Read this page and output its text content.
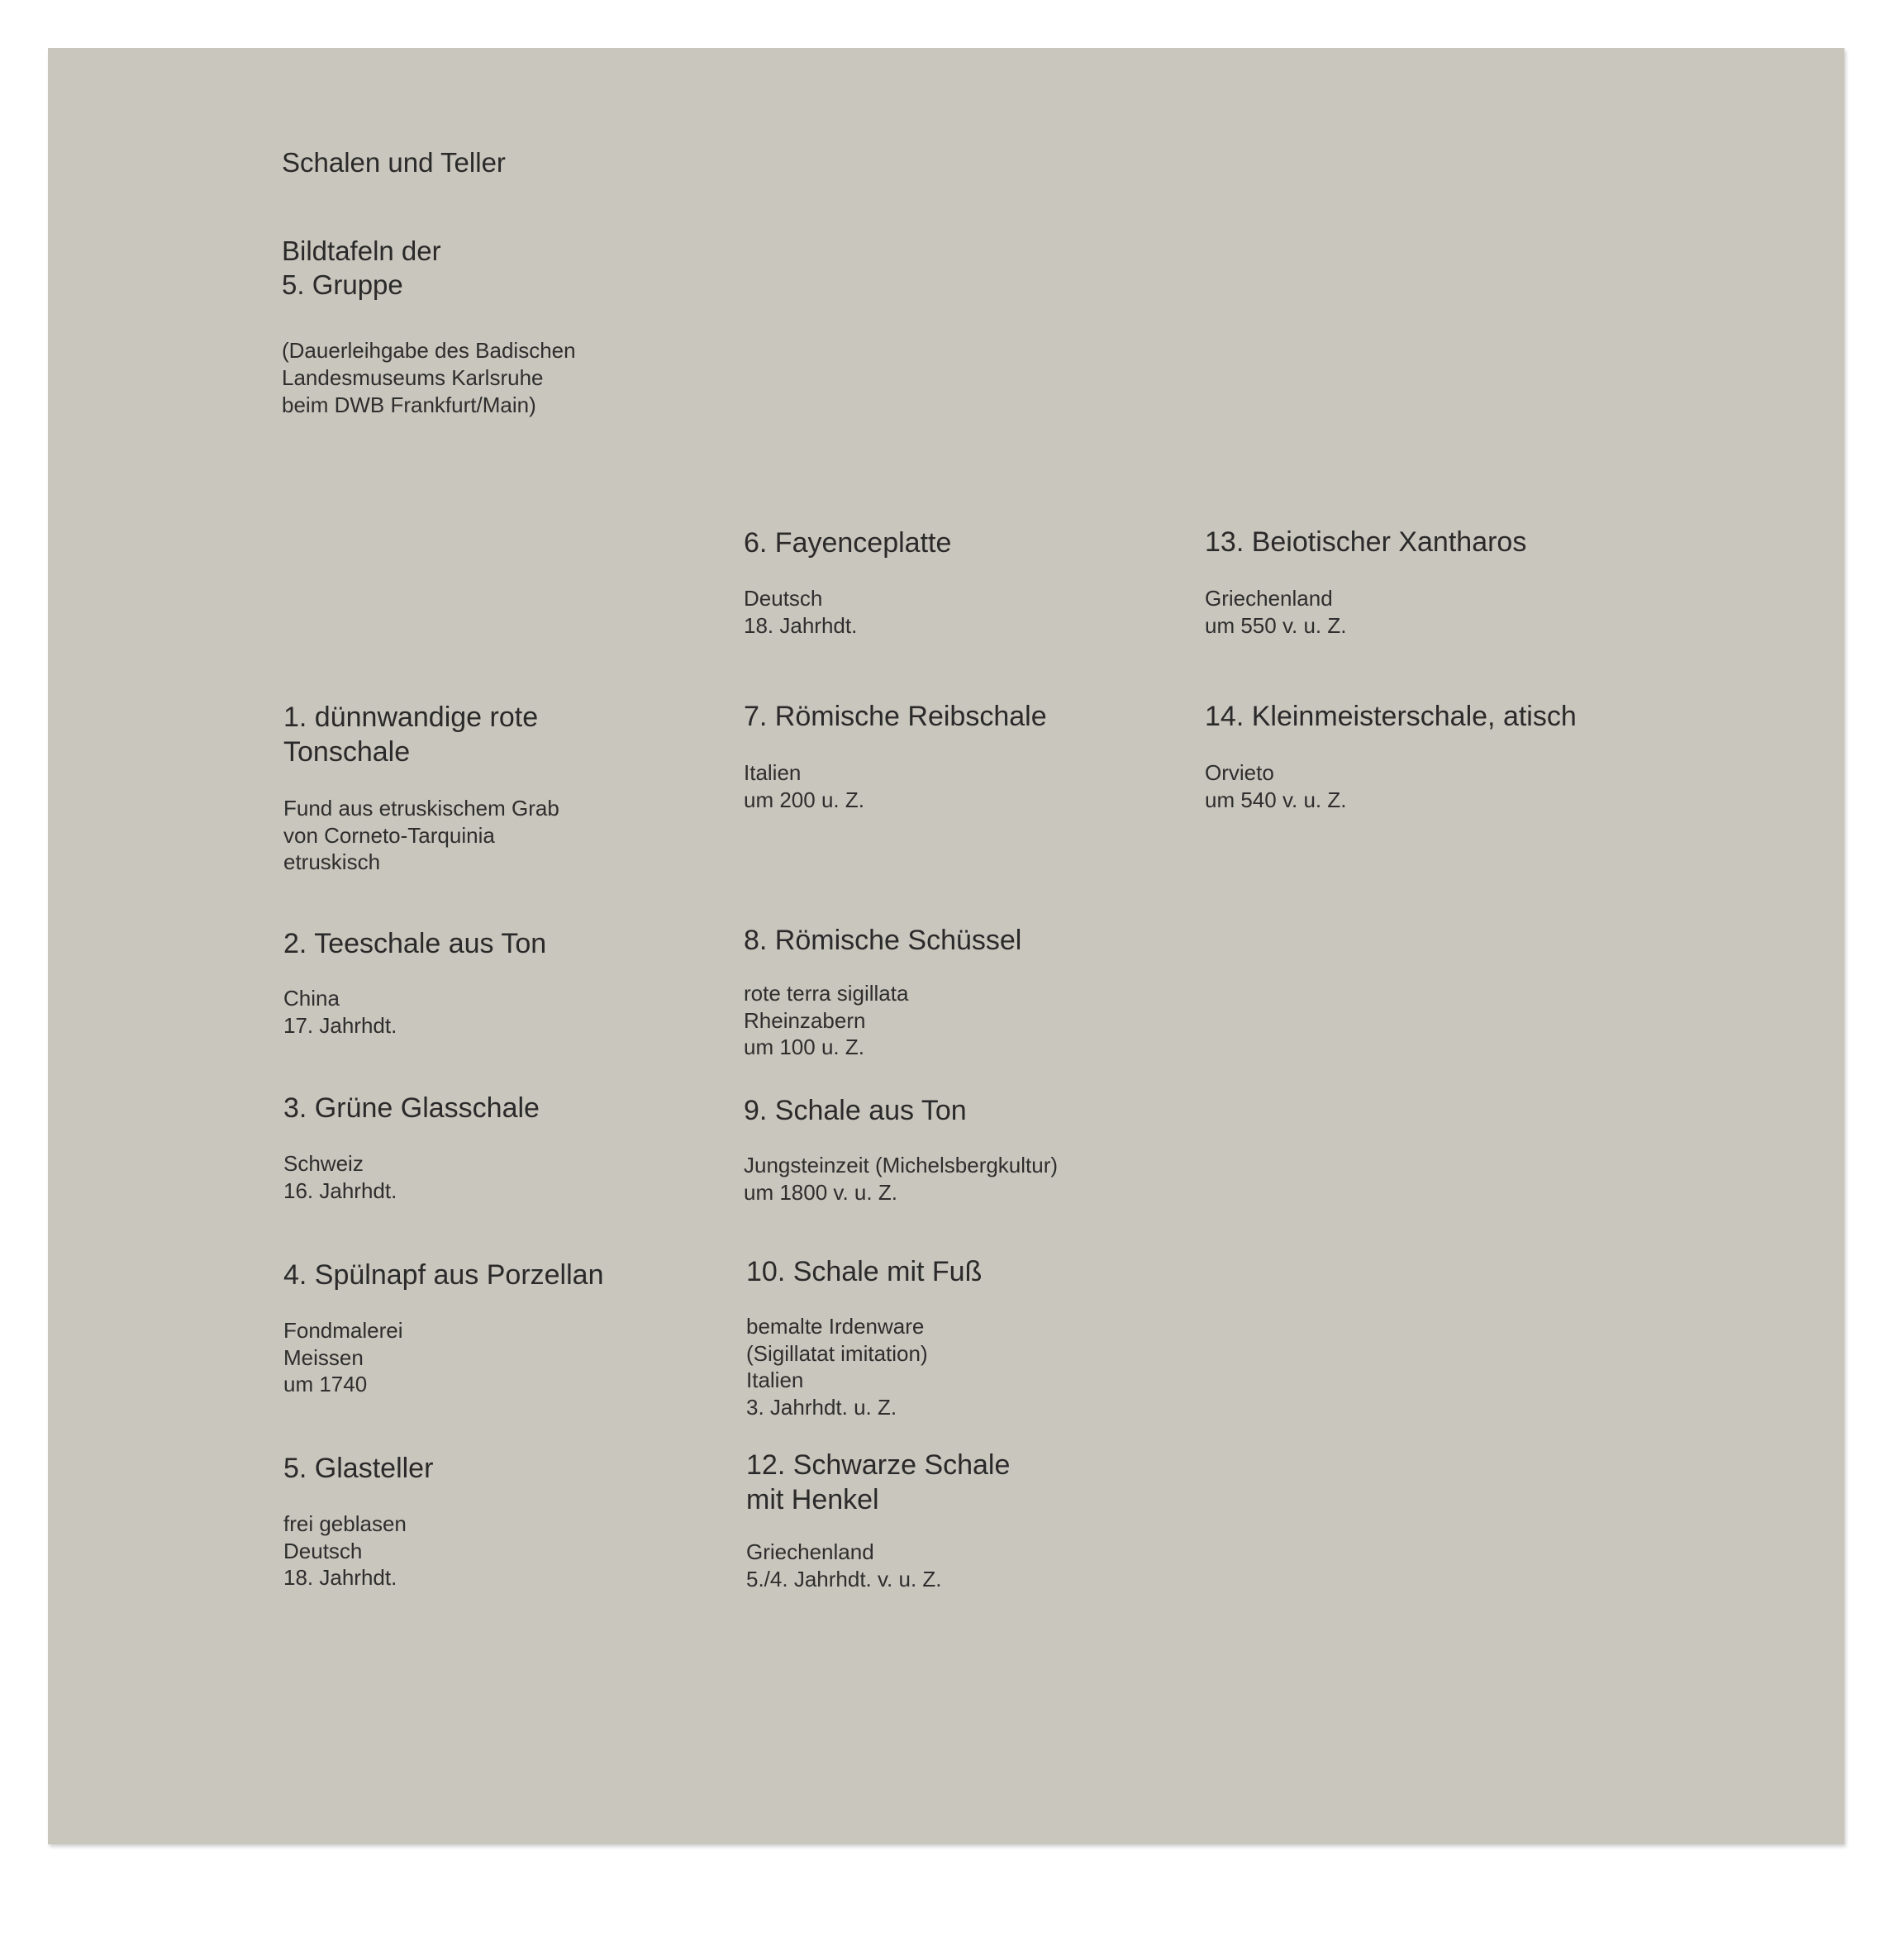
Schalen und Teller
Bildtafeln der
5. Gruppe
(Dauerleihgabe des Badischen
Landesmuseums Karlsruhe
beim DWB Frankfurt/Main)
1. dünnwandige rote
Tonschale
Fund aus etruskischem Grab
von Corneto-Tarquinia
etruskisch
2. Teeschale aus Ton
China
17. Jahrhdt.
3. Grüne Glasschale
Schweiz
16. Jahrhdt.
4. Spülnapf aus Porzellan
Fondmalerei
Meissen
um 1740
5. Glasteller
frei geblasen
Deutsch
18. Jahrhdt.
6. Fayenceplatte
Deutsch
18. Jahrhdt.
7. Römische Reibschale
Italien
um 200 u. Z.
8. Römische Schüssel
rote terra sigillata
Rheinzabern
um 100 u. Z.
9. Schale aus Ton
Jungsteinzeit (Michelsbergkultur)
um 1800 v. u. Z.
10. Schale mit Fuß
bemalte Irdenware
(Sigillatat imitation)
Italien
3. Jahrhdt. u. Z.
12. Schwarze Schale
mit Henkel
Griechenland
5./4. Jahrhdt. v. u. Z.
13. Beiotischer Xantharos
Griechenland
um 550 v. u. Z.
14. Kleinmeisterschale, atisch
Orvieto
um 540 v. u. Z.
